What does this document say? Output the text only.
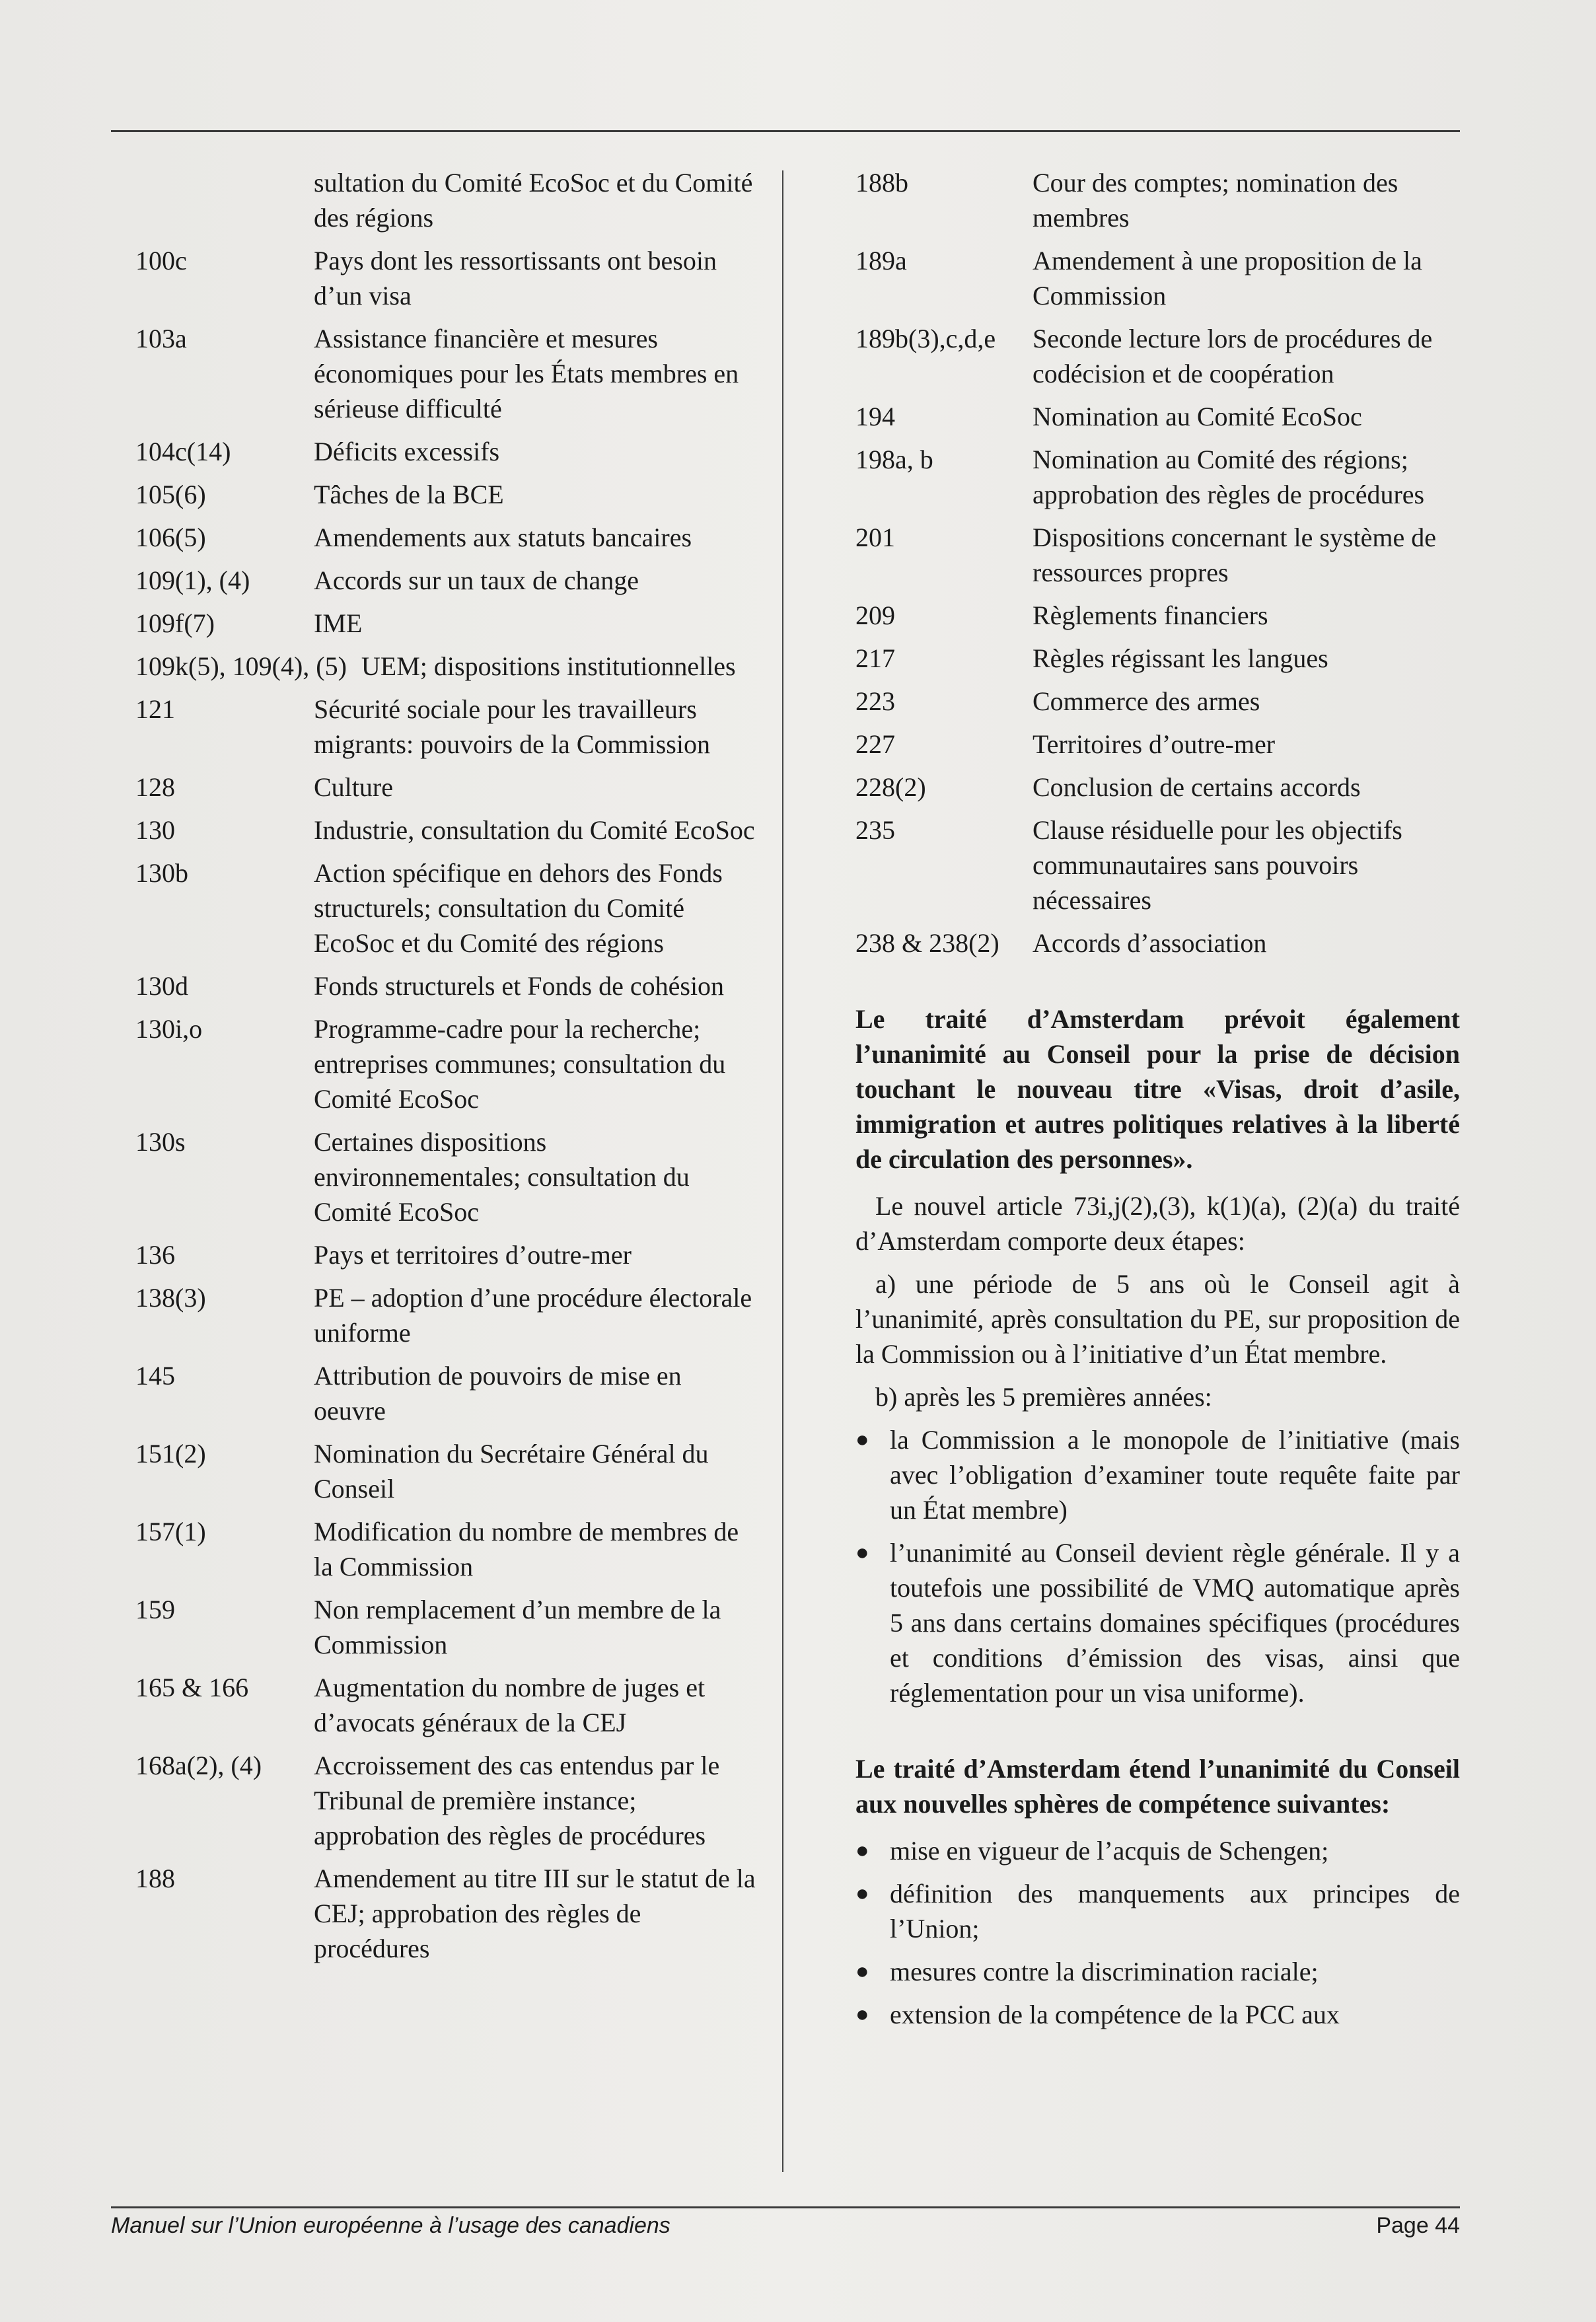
sultation du Comité EcoSoc et du Comité des régions
100c	Pays dont les ressortissants ont besoin d’un visa
103a	Assistance financière et mesures économiques pour les États membres en sérieuse difficulté
104c(14)	Déficits excessifs
105(6)	Tâches de la BCE
106(5)	Amendements aux statuts bancaires
109(1), (4)	Accords sur un taux de change
109f(7)	IME
109k(5), 109(4), (5) UEM; dispositions institutionnelles
121	Sécurité sociale pour les travailleurs migrants: pouvoirs de la Commission
128	Culture
130	Industrie, consultation du Comité EcoSoc
130b	Action spécifique en dehors des Fonds structurels; consultation du Comité EcoSoc et du Comité des régions
130d	Fonds structurels et Fonds de cohésion
130i,o	Programme-cadre pour la recherche; entreprises communes; consultation du Comité EcoSoc
130s	Certaines dispositions environnementales; consultation du Comité EcoSoc
136	Pays et territoires d’outre-mer
138(3)	PE – adoption d’une procédure électorale uniforme
145	Attribution de pouvoirs de mise en oeuvre
151(2)	Nomination du Secrétaire Général du Conseil
157(1)	Modification du nombre de membres de la Commission
159	Non remplacement d’un membre de la Commission
165 & 166	Augmentation du nombre de juges et d’avocats généraux de la CEJ
168a(2), (4)	Accroissement des cas entendus par le Tribunal de première instance; approbation des règles de procédures
188	Amendement au titre III sur le statut de la CEJ; approbation des règles de procédures
188b	Cour des comptes; nomination des membres
189a	Amendement à une proposition de la Commission
189b(3),c,d,e	Seconde lecture lors de procédures de codécision et de coopération
194	Nomination au Comité EcoSoc
198a, b	Nomination au Comité des régions; approbation des règles de procédures
201	Dispositions concernant le système de ressources propres
209	Règlements financiers
217	Règles régissant les langues
223	Commerce des armes
227	Territoires d’outre-mer
228(2)	Conclusion de certains accords
235	Clause résiduelle pour les objectifs communautaires sans pouvoirs nécessaires
238 & 238(2)	Accords d’association
Le traité d’Amsterdam prévoit également l’unanimité au Conseil pour la prise de décision touchant le nouveau titre «Visas, droit d’asile, immigration et autres politiques relatives à la liberté de circulation des personnes».
Le nouvel article 73i,j(2),(3), k(1)(a), (2)(a) du traité d’Amsterdam comporte deux étapes:
a) une période de 5 ans où le Conseil agit à l’unanimité, après consultation du PE, sur proposition de la Commission ou à l’initiative d’un État membre.
b) après les 5 premières années:
● la Commission a le monopole de l’initiative (mais avec l’obligation d’examiner toute requête faite par un État membre)
● l’unanimité au Conseil devient règle générale. Il y a toutefois une possibilité de VMQ automatique après 5 ans dans certains domaines spécifiques (procédures et conditions d’émission des visas, ainsi que réglementation pour un visa uniforme).
Le traité d’Amsterdam étend l’unanimité du Conseil aux nouvelles sphères de compétence suivantes:
● mise en vigueur de l’acquis de Schengen;
● définition des manquements aux principes de l’Union;
● mesures contre la discrimination raciale;
● extension de la compétence de la PCC aux
Manuel sur l’Union européenne à l’usage des canadiens	Page 44
